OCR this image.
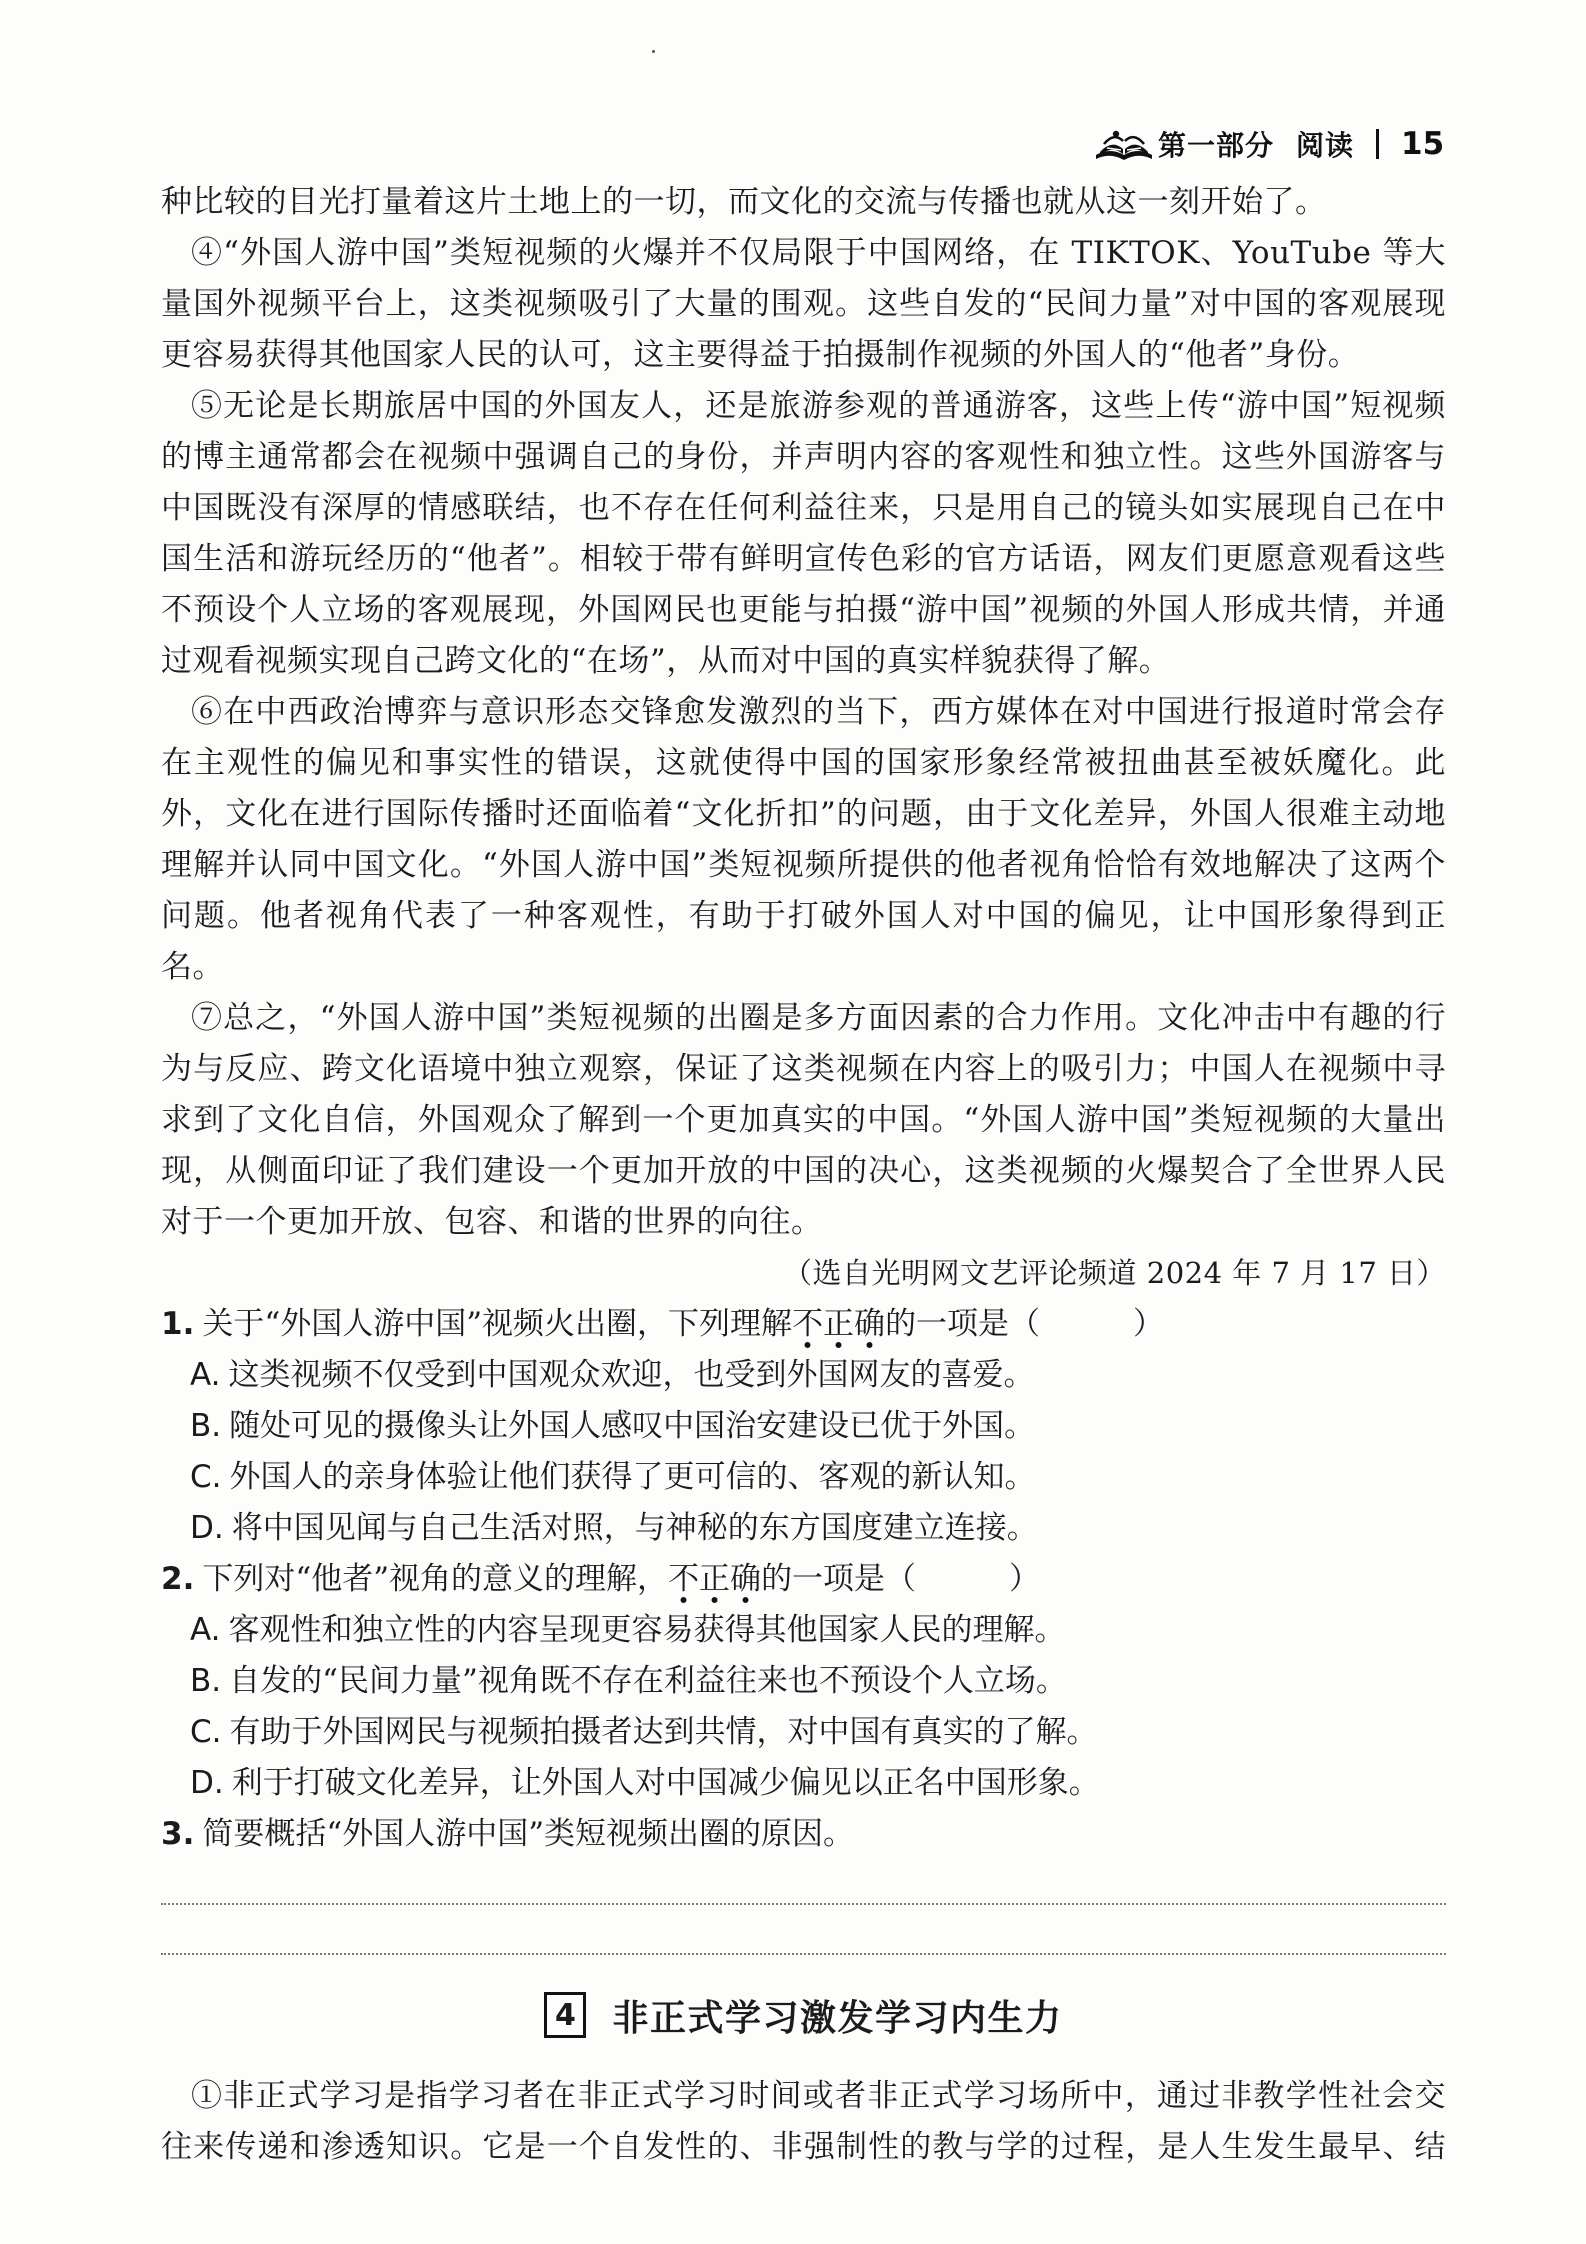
第一部分 阅读 15

种比较的目光打量着这片土地上的一切，而文化的交流与传播也就从这一刻开始了。

④“外国人游中国”类短视频的火爆并不仅局限于中国网络，在 TIKTOK、YouTube 等大量国外视频平台上，这类视频吸引了大量的围观。这些自发的“民间力量”对中国的客观展现更容易获得其他国家人民的认可，这主要得益于拍摄制作视频的外国人的“他者”身份。

⑤无论是长期旅居中国的外国友人，还是旅游参观的普通游客，这些上传“游中国”短视频的博主通常都会在视频中强调自己的身份，并声明内容的客观性和独立性。这些外国游客与中国既没有深厚的情感联结，也不存在任何利益往来，只是用自己的镜头如实展现自己在中国生活和游玩经历的“他者”。相较于带有鲜明宣传色彩的官方话语，网友们更愿意观看这些不预设个人立场的客观展现，外国网民也更能与拍摄“游中国”视频的外国人形成共情，并通过观看视频实现自己跨文化的“在场”，从而对中国的真实样貌获得了解。

⑥在中西政治博弈与意识形态交锋愈发激烈的当下，西方媒体在对中国进行报道时常会存在主观性的偏见和事实性的错误，这就使得中国的国家形象经常被扭曲甚至被妖魔化。此外，文化在进行国际传播时还面临着“文化折扣”的问题，由于文化差异，外国人很难主动地理解并认同中国文化。“外国人游中国”类短视频所提供的他者视角恰恰有效地解决了这两个问题。他者视角代表了一种客观性，有助于打破外国人对中国的偏见，让中国形象得到正名。

⑦总之，“外国人游中国”类短视频的出圈是多方面因素的合力作用。文化冲击中有趣的行为与反应、跨文化语境中独立观察，保证了这类视频在内容上的吸引力；中国人在视频中寻求到了文化自信，外国观众了解到一个更加真实的中国。“外国人游中国”类短视频的大量出现，从侧面印证了我们建设一个更加开放的中国的决心，这类视频的火爆契合了全世界人民对于一个更加开放、包容、和谐的世界的向往。

（选自光明网文艺评论频道 2024 年 7 月 17 日）

1. 关于“外国人游中国”视频火出圈，下列理解不正确的一项是（　　　）

A. 这类视频不仅受到中国观众欢迎，也受到外国网友的喜爱。

B. 随处可见的摄像头让外国人感叹中国治安建设已优于外国。

C. 外国人的亲身体验让他们获得了更可信的、客观的新认知。

D. 将中国见闻与自己生活对照，与神秘的东方国度建立连接。

2. 下列对“他者”视角的意义的理解，不正确的一项是（　　　）

A. 客观性和独立性的内容呈现更容易获得其他国家人民的理解。

B. 自发的“民间力量”视角既不存在利益往来也不预设个人立场。

C. 有助于外国网民与视频拍摄者达到共情，对中国有真实的了解。

D. 利于打破文化差异，让外国人对中国减少偏见以正名中国形象。

3. 简要概括“外国人游中国”类短视频出圈的原因。

4 非正式学习激发学习内生力

①非正式学习是指学习者在非正式学习时间或者非正式学习场所中，通过非教学性社会交往来传递和渗透知识。它是一个自发性的、非强制性的教与学的过程，是人生发生最早、结
